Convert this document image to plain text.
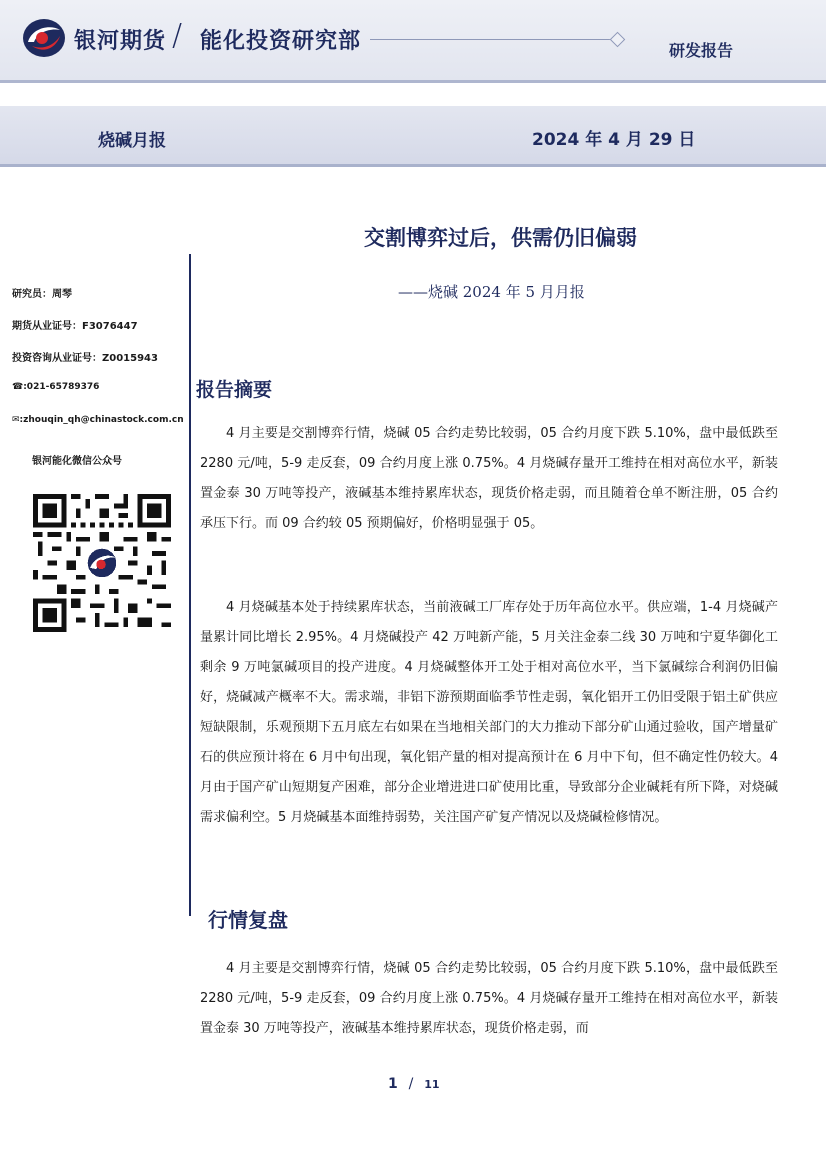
银河期货 / 能化投资研究部	研发报告
烧碱月报	2024 年 4 月 29 日
交割博弈过后，供需仍旧偏弱
——烧碱 2024 年 5 月月报
研究员：周琴
期货从业证号：F3076447
投资咨询从业证号：Z0015943
☎:021-65789376
✉:zhouqin_qh@chinastock.com.cn
银河能化微信公众号
报告摘要

4 月主要是交割博弈行情，烧碱 05 合约走势比较弱，05 合约月度下跌 5.10%，盘中最低跌至 2280 元/吨，5-9 走反套，09 合约月度上涨 0.75%。4 月烧碱存量开工维持在相对高位水平，新装置金泰 30 万吨等投产，液碱基本维持累库状态，现货价格走弱，而且随着仓单不断注册，05 合约承压下行。而 09 合约较 05 预期偏好，价格明显强于 05。

4 月烧碱基本处于持续累库状态，当前液碱工厂库存处于历年高位水平。供应端，1-4 月烧碱产量累计同比增长 2.95%。4 月烧碱投产 42 万吨新产能，5 月关注金泰二线 30 万吨和宁夏华御化工剩余 9 万吨氯碱项目的投产进度。4 月烧碱整体开工处于相对高位水平，当下氯碱综合利润仍旧偏好，烧碱减产概率不大。需求端，非铝下游预期面临季节性走弱，氧化铝开工仍旧受限于铝土矿供应短缺限制，乐观预期下五月底左右如果在当地相关部门的大力推动下部分矿山通过验收，国产增量矿石的供应预计将在 6 月中旬出现，氧化铝产量的相对提高预计在 6 月中下旬，但不确定性仍较大。4 月由于国产矿山短期复产困难，部分企业增进进口矿使用比重，导致部分企业碱耗有所下降，对烧碱需求偏利空。5 月烧碱基本面维持弱势，关注国产矿复产情况以及烧碱检修情况。

行情复盘

4 月主要是交割博弈行情，烧碱 05 合约走势比较弱，05 合约月度下跌 5.10%，盘中最低跌至 2280 元/吨，5-9 走反套，09 合约月度上涨 0.75%。4 月烧碱存量开工维持在相对高位水平，新装置金泰 30 万吨等投产，液碱基本维持累库状态，现货价格走弱，而

1 / 11
